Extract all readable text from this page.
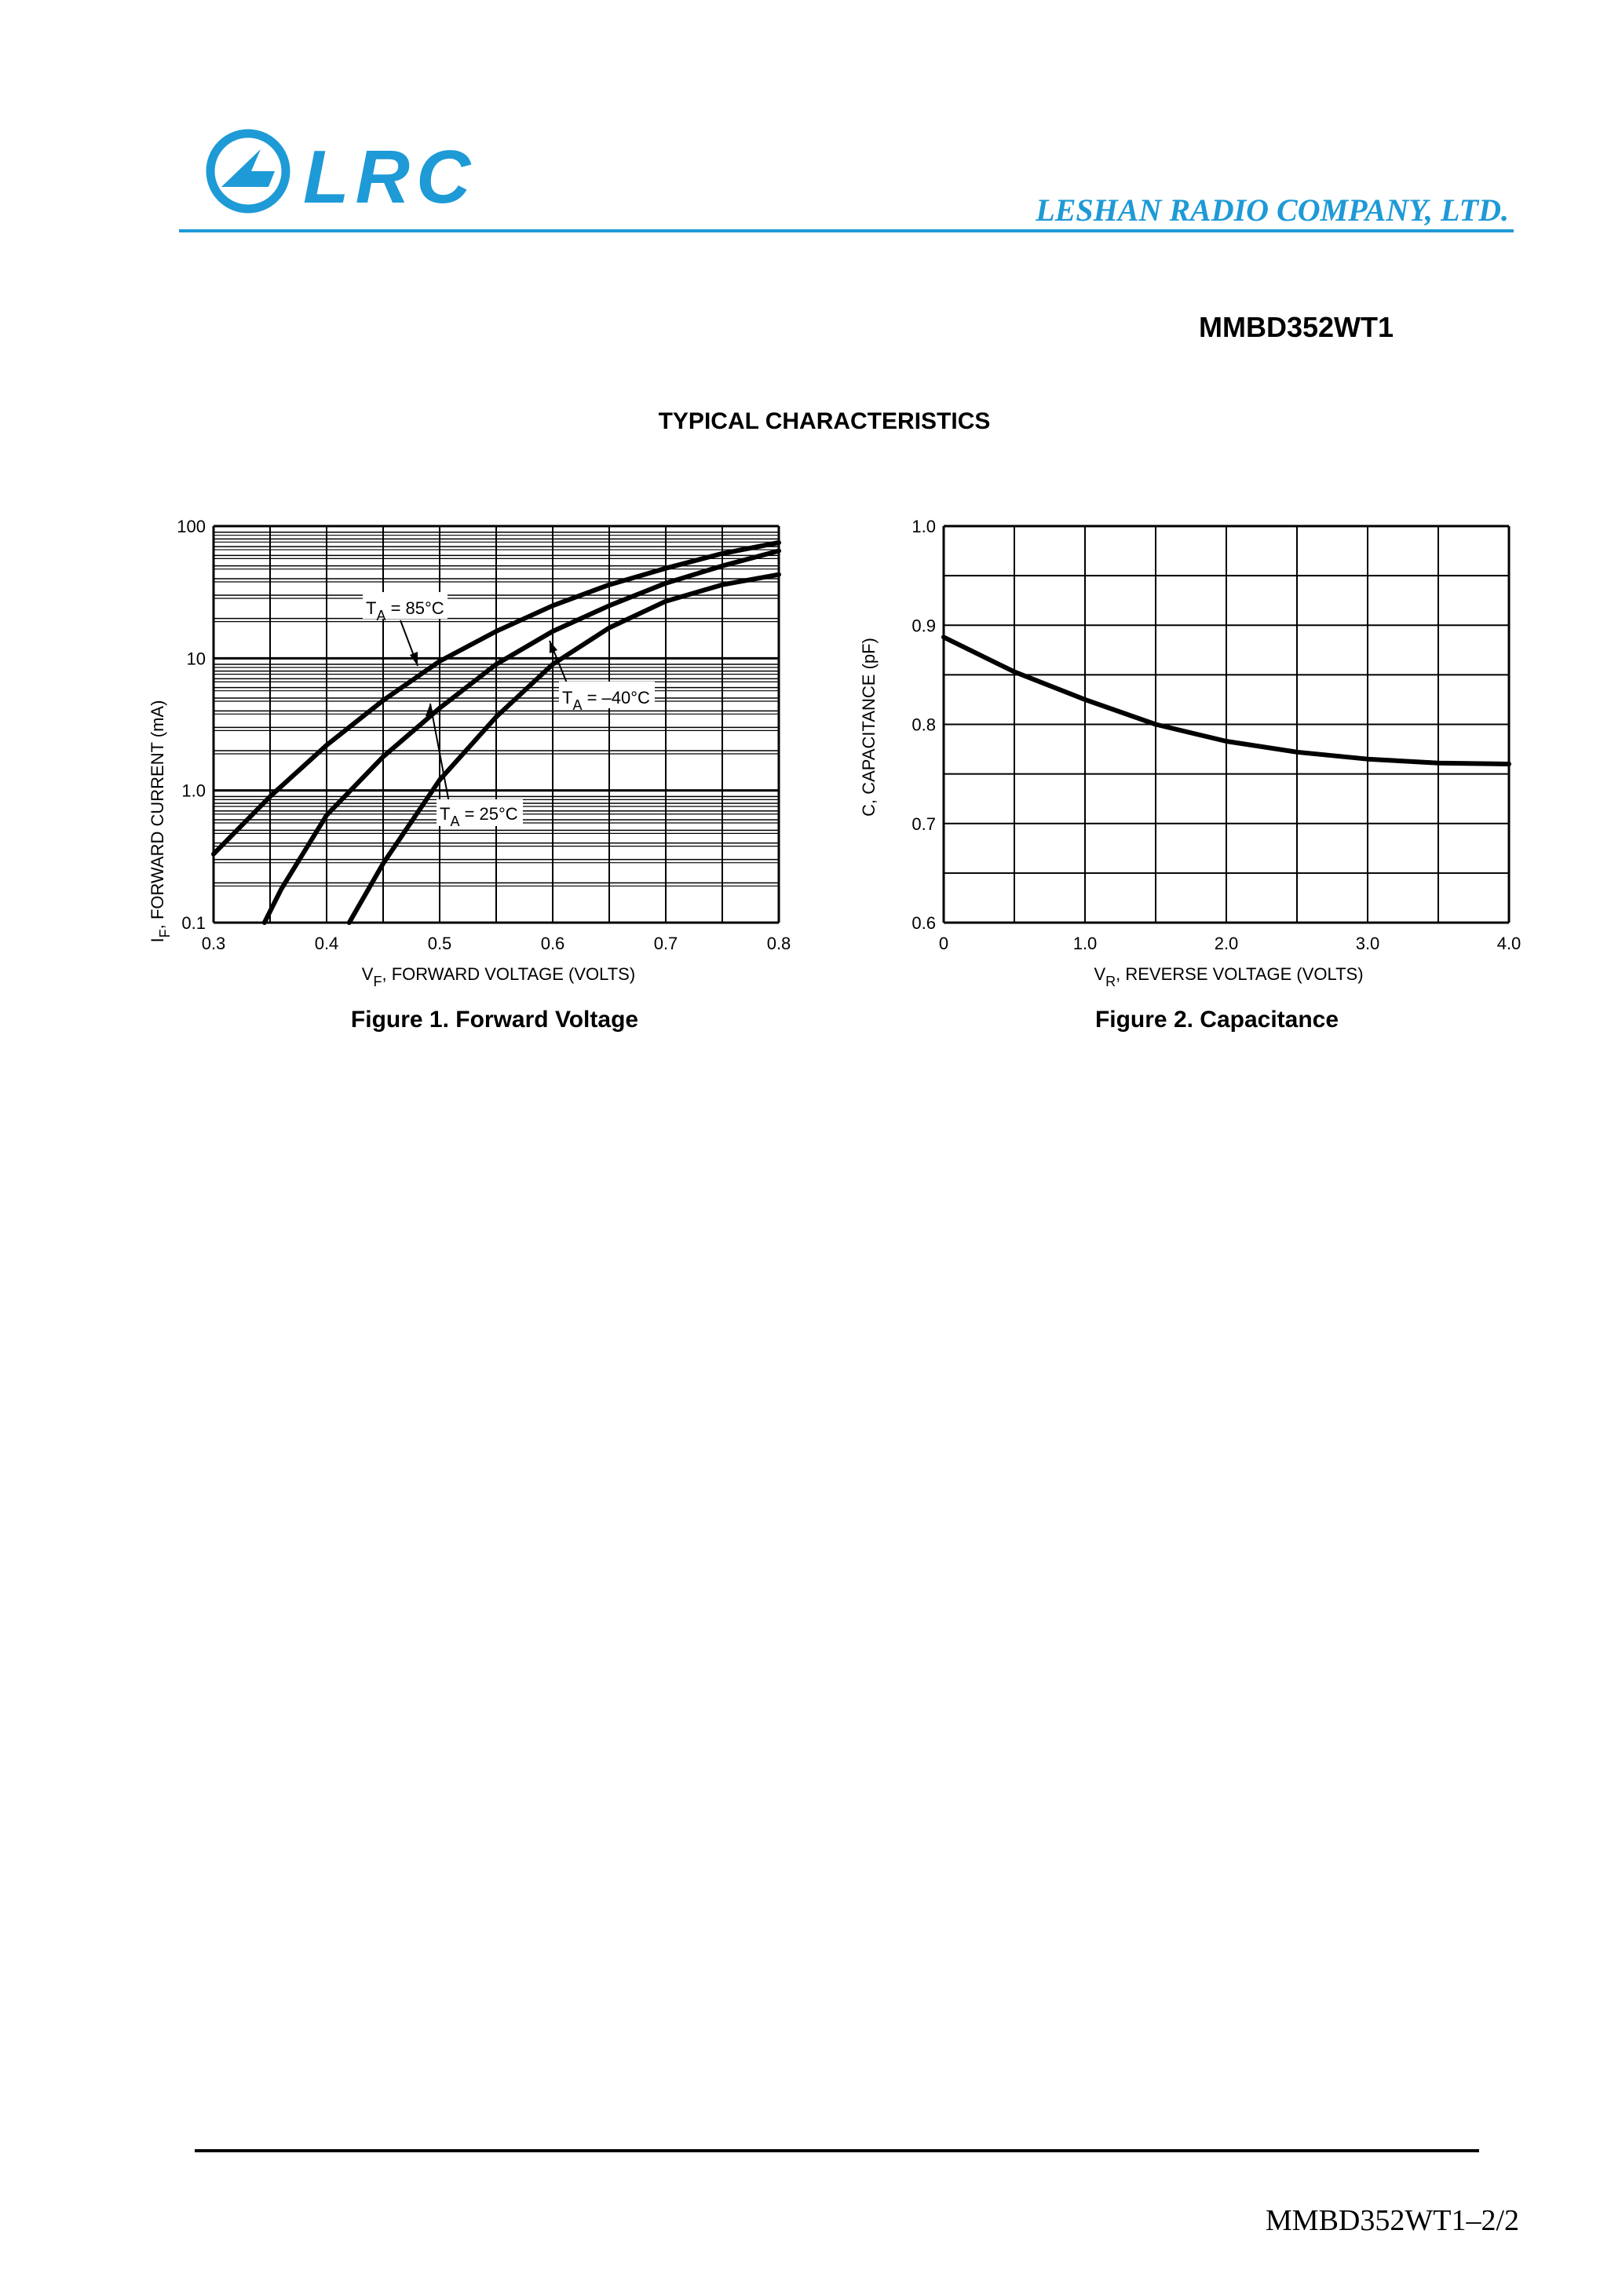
LRC	LESHAN RADIO COMPANY, LTD.
MMBD352WT1
TYPICAL CHARACTERISTICS
0.3	0.4	0.5	0.6	0.7	0.8
0.1
1.0
10
100
$T_A = 85^\circ C$
$T_A = -40^\circ C$
$T_A = 25^\circ C$
$V_F$, FORWARD VOLTAGE (VOLTS)
$I_F$, FORWARD CURRENT (mA)
0	1.0	2.0	3.0	4.0
0.6
0.7
0.8
0.9
1.0
$V_R$, REVERSE VOLTAGE (VOLTS)
C, CAPACITANCE (pF)
Figure 1. Forward Voltage	Figure 2. Capacitance
MMBD352WT1–2/2
